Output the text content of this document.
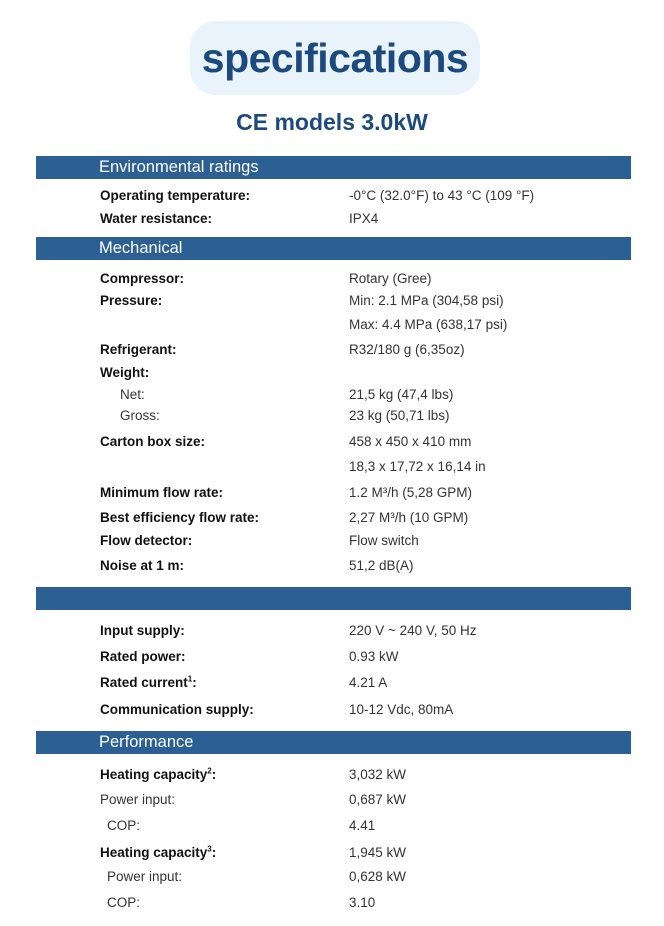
specifications
CE models 3.0kW
Environmental ratings
Operating temperature:	-0°C (32.0°F) to 43 °C (109 °F)
Water resistance:	IPX4
Mechanical
Compressor:	Rotary (Gree)
Pressure:	Min: 2.1 MPa (304,58 psi)
Max: 4.4 MPa (638,17 psi)
Refrigerant:	R32/180 g (6,35oz)
Weight:
Net:	21,5 kg (47,4 lbs)
Gross:	23 kg (50,71 lbs)
Carton box size:	458 x 450 x 410 mm
18,3 x 17,72 x 16,14 in
Minimum flow rate:	1.2 M³/h (5,28 GPM)
Best efficiency flow rate:	2,27 M³/h (10 GPM)
Flow detector:	Flow switch
Noise at 1 m:	51,2 dB(A)
Input supply:	220 V ~ 240 V, 50 Hz
Rated power:	0.93 kW
Rated current$^1$:	4.21 A
Communication supply:	10-12 Vdc, 80mA
Performance
Heating capacity$^2$:	3,032 kW
Power input:	0,687 kW
COP:	4.41
Heating capacity$^3$:	1,945 kW
Power input:	0,628 kW
COP:	3.10
